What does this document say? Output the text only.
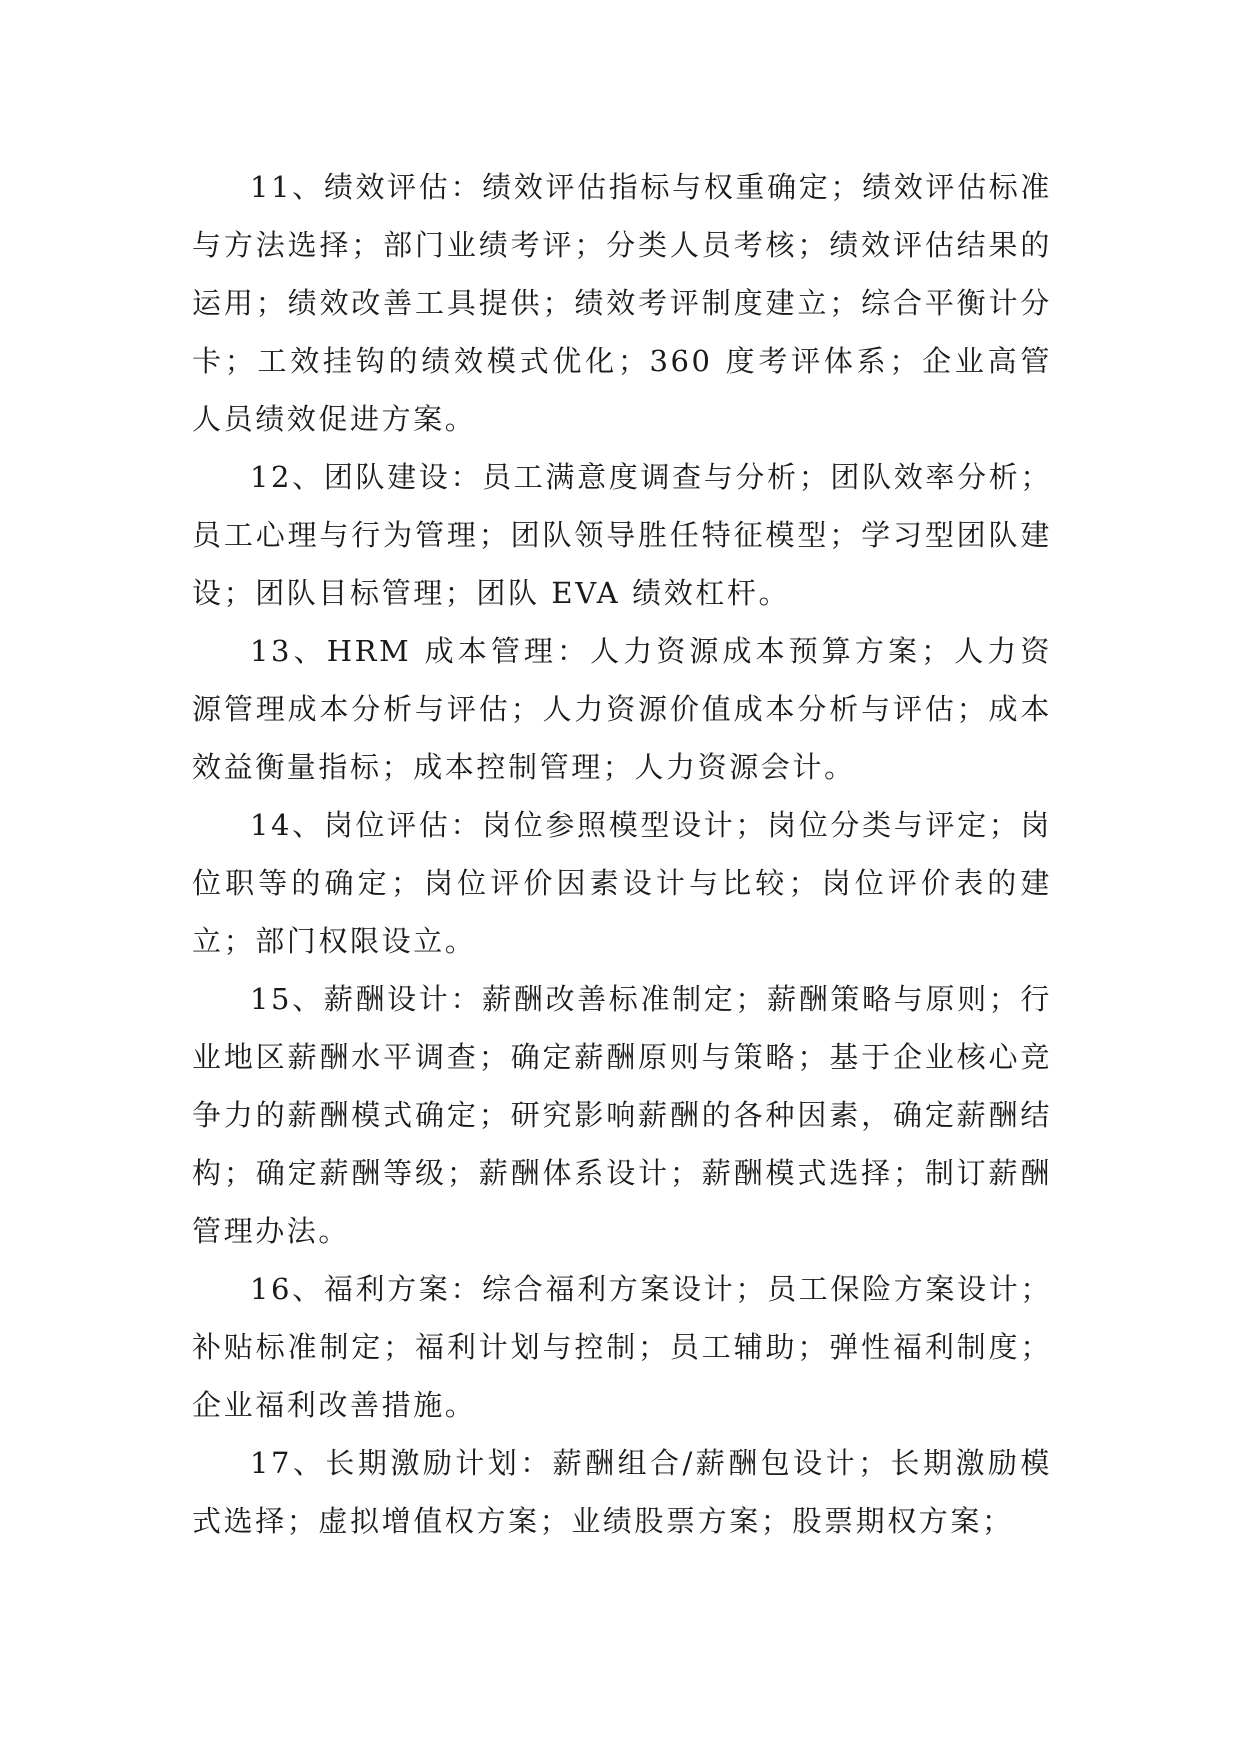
11、绩效评估：绩效评估指标与权重确定；绩效评估标准与方法选择；部门业绩考评；分类人员考核；绩效评估结果的运用；绩效改善工具提供；绩效考评制度建立；综合平衡计分卡；工效挂钩的绩效模式优化；360 度考评体系；企业高管人员绩效促进方案。

12、团队建设：员工满意度调查与分析；团队效率分析；员工心理与行为管理；团队领导胜任特征模型；学习型团队建设；团队目标管理；团队 EVA 绩效杠杆。

13、HRM 成本管理：人力资源成本预算方案；人力资源管理成本分析与评估；人力资源价值成本分析与评估；成本效益衡量指标；成本控制管理；人力资源会计。

14、岗位评估：岗位参照模型设计；岗位分类与评定；岗位职等的确定；岗位评价因素设计与比较；岗位评价表的建立；部门权限设立。

15、薪酬设计：薪酬改善标准制定；薪酬策略与原则；行业地区薪酬水平调查；确定薪酬原则与策略；基于企业核心竞争力的薪酬模式确定；研究影响薪酬的各种因素，确定薪酬结构；确定薪酬等级；薪酬体系设计；薪酬模式选择；制订薪酬管理办法。

16、福利方案：综合福利方案设计；员工保险方案设计；补贴标准制定；福利计划与控制；员工辅助；弹性福利制度；企业福利改善措施。

17、长期激励计划：薪酬组合/薪酬包设计；长期激励模式选择；虚拟增值权方案；业绩股票方案；股票期权方案；
